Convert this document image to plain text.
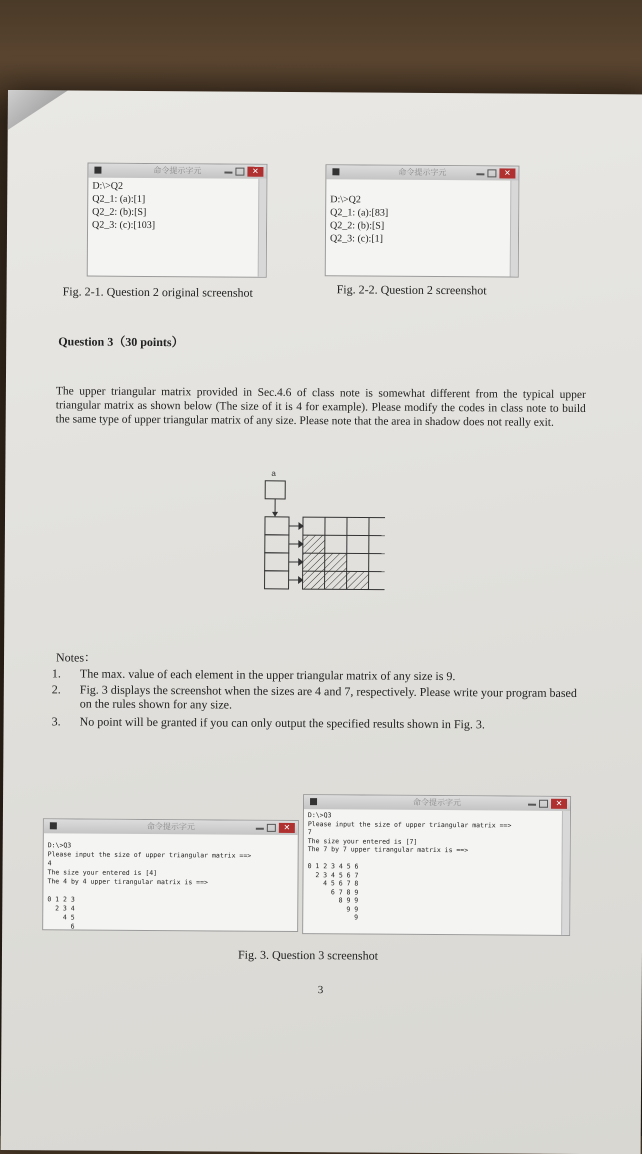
命令提示字元	✕
D:\>Q2
Q2_1: (a):[1]
Q2_2: (b):[S]
Q2_3: (c):[103]
Fig. 2-1. Question 2 original screenshot
命令提示字元	✕
D:\>Q2
Q2_1: (a):[83]
Q2_2: (b):[S]
Q2_3: (c):[1]
Fig. 2-2. Question 2 screenshot
Question 3（30 points）
The upper triangular matrix provided in Sec.4.6 of class note is somewhat different from the typical upper triangular matrix as shown below (The size of it is 4 for example). Please modify the codes in class note to build the same type of upper triangular matrix of any size. Please note that the area in shadow does not really exit.
a
Notes：
1. The max. value of each element in the upper triangular matrix of any size is 9.
2.	Fig. 3 displays the screenshot when the sizes are 4 and 7, respectively. Please write your program based on the rules shown for any size.
3. No point will be granted if you can only output the specified results shown in Fig. 3.
命令提示字元	✕
D:\>Q3
Please input the size of upper triangular matrix ==>
4
The size your entered is [4]
The 4 by 4 upper tirangular matrix is ==>

0 1 2 3
2 3 4
4 5
6
命令提示字元	✕
D:\>Q3
Please input the size of upper triangular matrix ==>
7
The size your entered is [7]
The 7 by 7 upper tirangular matrix is ==>

0 1 2 3 4 5 6
2 3 4 5 6 7
4 5 6 7 8
6 7 8 9
8 9 9
9 9
9
Fig. 3. Question 3 screenshot
3
